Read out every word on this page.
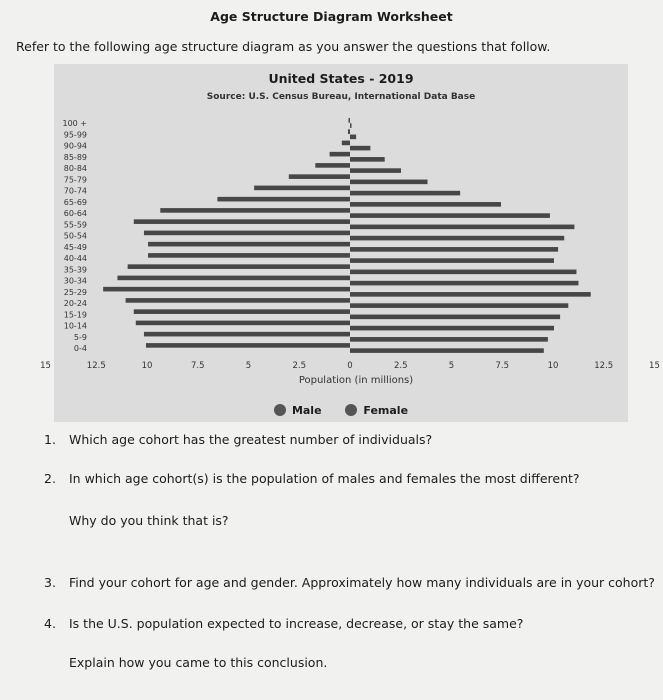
Age Structure Diagram Worksheet
Refer to the following age structure diagram as you answer the questions that follow.
100 +
95-99
90-94
85-89
80-84
75-79
70-74
65-69
60-64
55-59
50-54
45-49
40-44
35-39
30-34
25-29
20-24
15-19
10-14
5-9
0-4
15	12.5	10	7.5	5	2.5	0	2.5	5	7.5	10	12.5	15
United States - 2019
Source: U.S. Census Bureau, International Data Base
Population (in millions)
Male	Female
1. Which age cohort has the greatest number of individuals?
2. In which age cohort(s) is the population of males and females the most different?
Why do you think that is?
3. Find your cohort for age and gender. Approximately how many individuals are in your cohort?
4. Is the U.S. population expected to increase, decrease, or stay the same?
Explain how you came to this conclusion.
